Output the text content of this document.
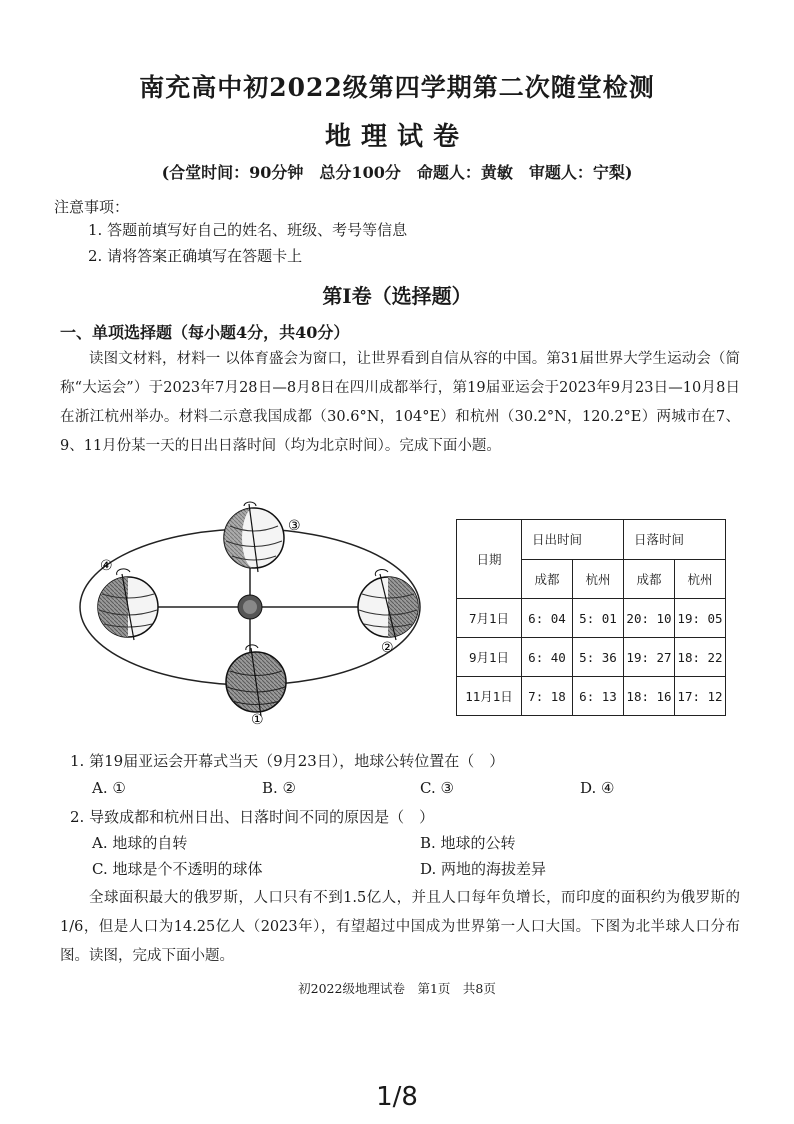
南充高中初2022级第四学期第二次随堂检测
地理试卷
(合堂时间：90分钟　总分100分　命题人：黄敏　审题人：宁梨)
注意事项：
1. 答题前填写好自己的姓名、班级、考号等信息
2. 请将答案正确填写在答题卡上
第Ⅰ卷（选择题）
一、单项选择题（每小题4分，共40分）
读图文材料，材料一 以体育盛会为窗口，让世界看到自信从容的中国。第31届世界大学生运动会（简称“大运会”）于2023年7月28日—8月8日在四川成都举行，第19届亚运会于2023年9月23日—10月8日在浙江杭州举办。材料二示意我国成都（30.6°N，104°E）和杭州（30.2°N，120.2°E）两城市在7、9、11月份某一天的日出日落时间（均为北京时间）。完成下面小题。
③
②
①
④	日期	日出时间		日落时间	
	成都	杭州	成都	杭州
7月1日	6: 04	5: 01	20: 10	19: 05
9月1日	6: 40	5: 36	19: 27	18: 22
11月1日	7: 18	6: 13	18: 16	17: 12
1. 第19届亚运会开幕式当天（9月23日），地球公转位置在（　）
A. ①	B. ②	C. ③	D. ④
2. 导致成都和杭州日出、日落时间不同的原因是（　）
A. 地球的自转	B. 地球的公转
C. 地球是个不透明的球体	D. 两地的海拔差异
全球面积最大的俄罗斯，人口只有不到1.5亿人，并且人口每年负增长，而印度的面积约为俄罗斯的1/6，但是人口为14.25亿人（2023年），有望超过中国成为世界第一人口大国。下图为北半球人口分布图。读图，完成下面小题。
初2022级地理试卷　第1页　共8页
1/8
